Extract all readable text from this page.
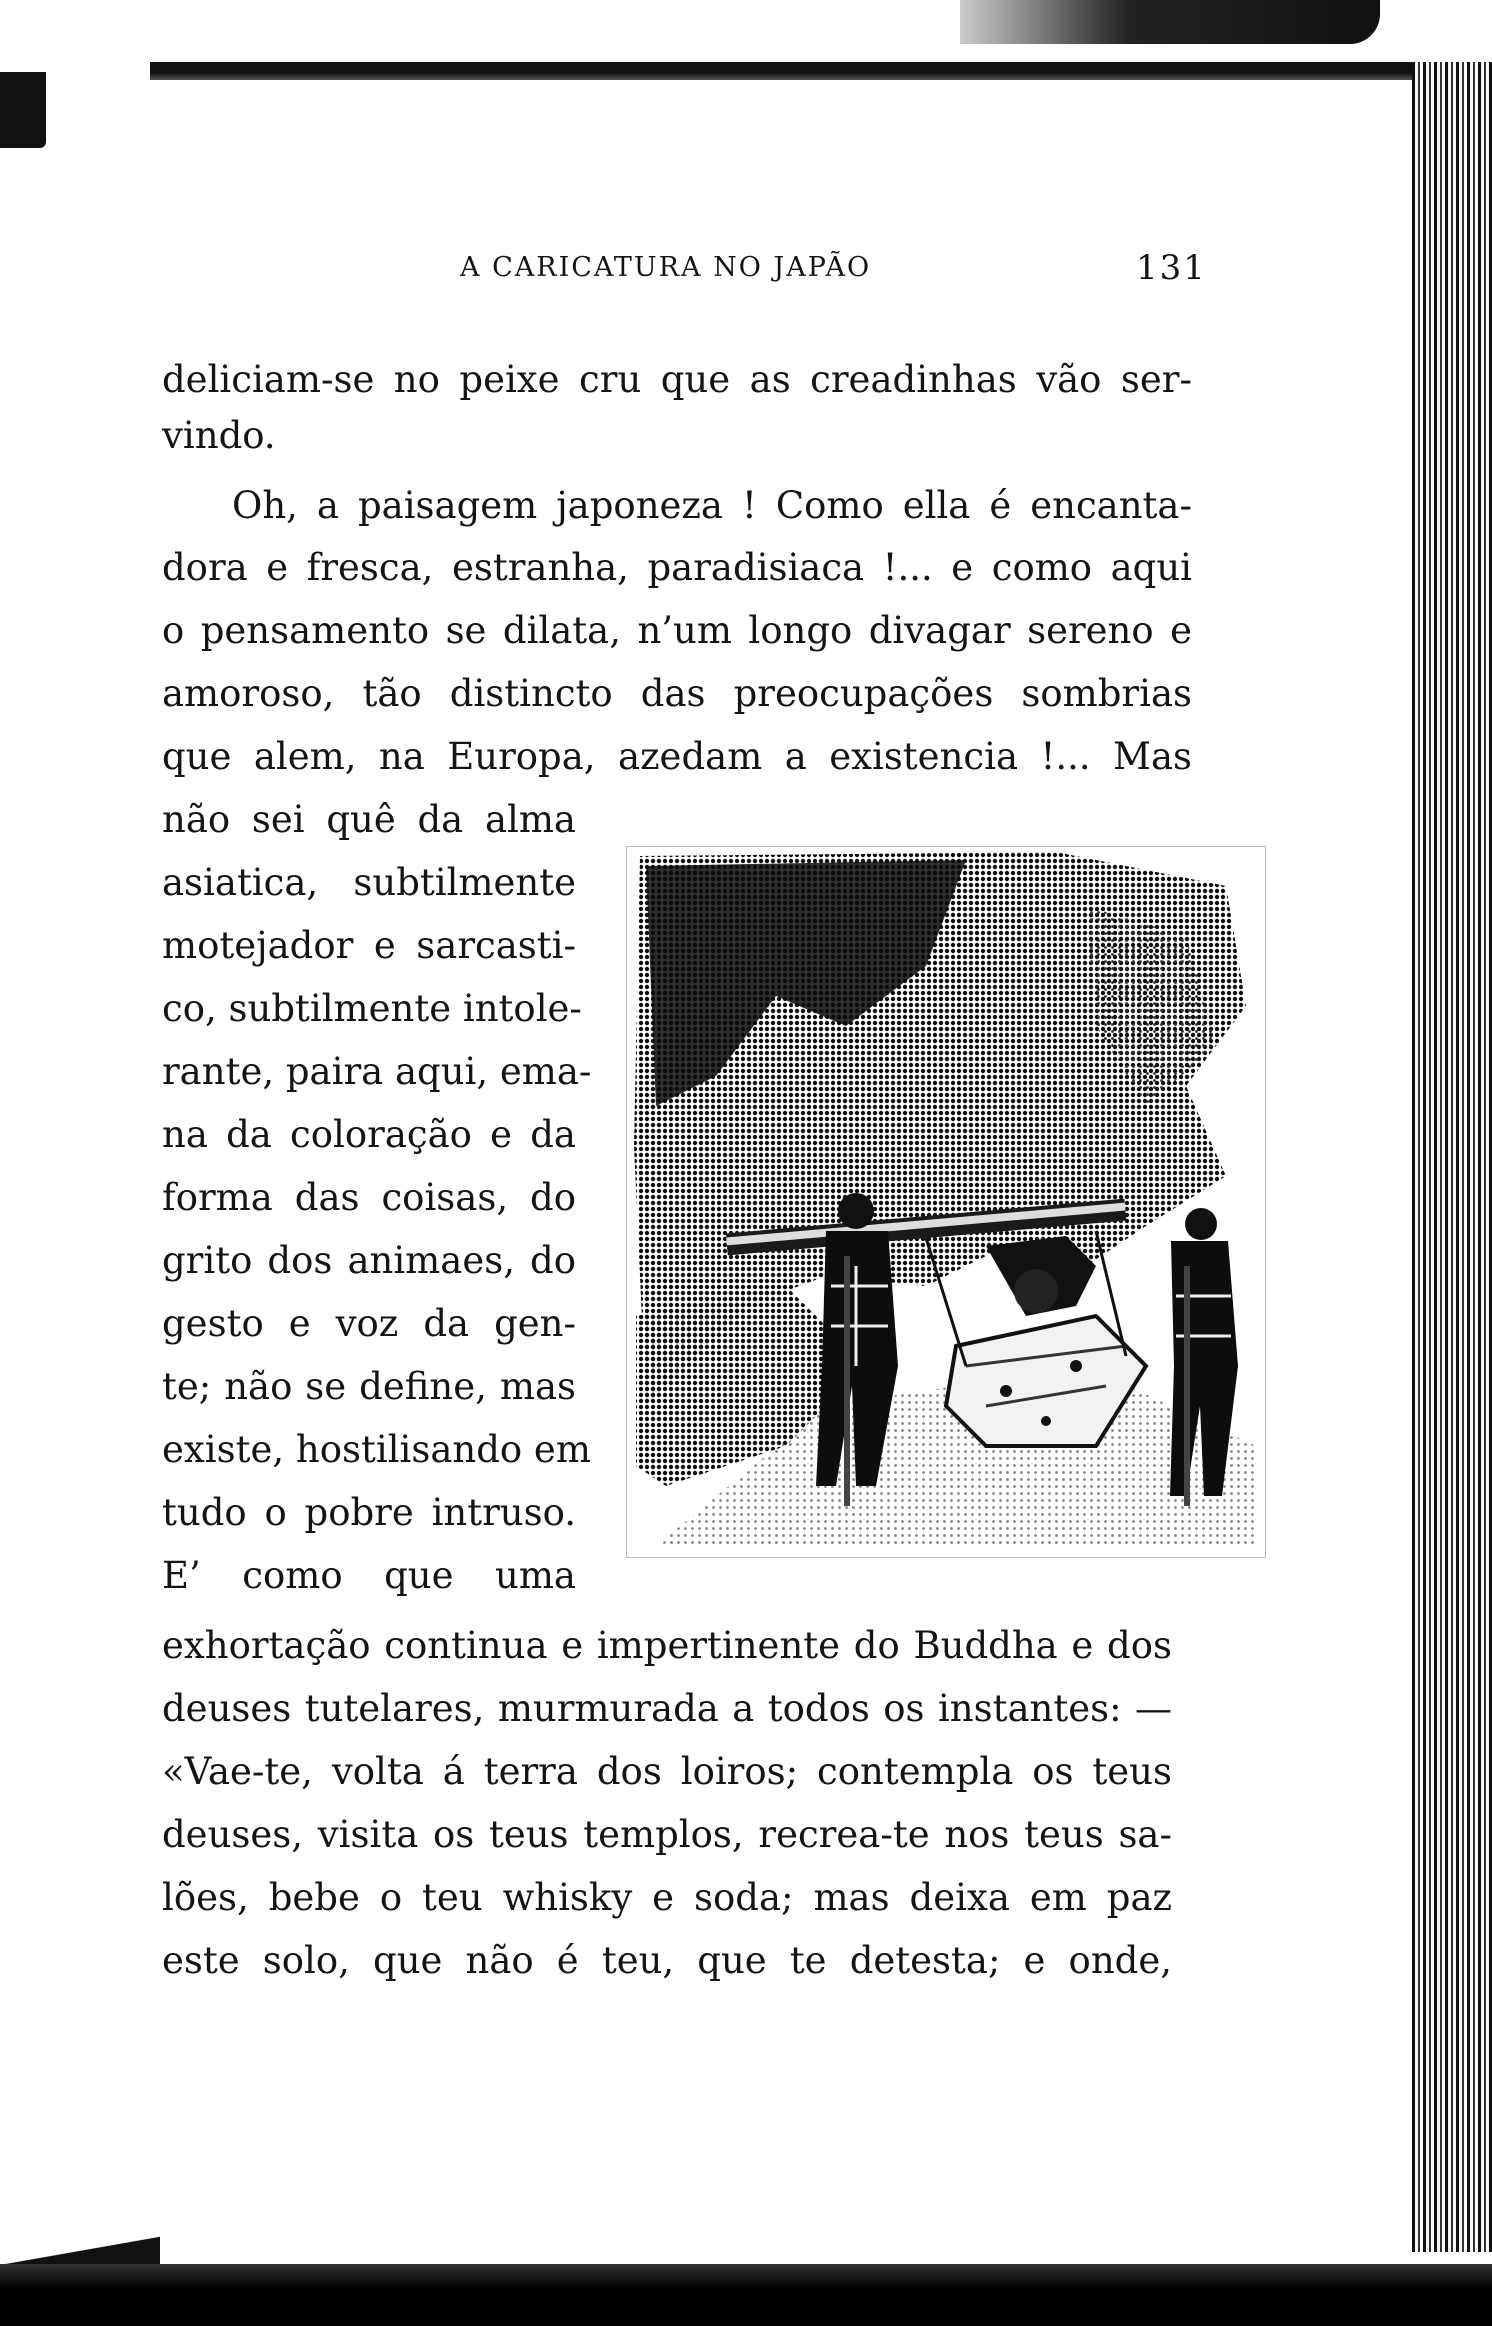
A CARICATURA NO JAPÃO	131
deliciam-se no peixe cru que as creadinhas vão ser-
vindo.
Oh, a paisagem japoneza ! Como ella é encanta-
dora e fresca, estranha, paradisiaca !... e como aqui
o pensamento se dilata, n’um longo divagar sereno e
amoroso, tão distincto das preocupações sombrias
que alem, na Europa, azedam a existencia !... Mas
não sei quê da alma
asiatica, subtilmente
motejador e sarcasti-
co, subtilmente intole-
rante, paira aqui, ema-
na da coloração e da
forma das coisas, do
grito dos animaes, do
gesto e voz da gen-
te; não se define, mas
existe, hostilisando em
tudo o pobre intruso.
E’ como que uma
exhortação continua e impertinente do Buddha e dos
deuses tutelares, murmurada a todos os instantes: —
«Vae-te, volta á terra dos loiros; contempla os teus
deuses, visita os teus templos, recrea-te nos teus sa-
lões, bebe o teu whisky e soda; mas deixa em paz
este solo, que não é teu, que te detesta; e onde,
